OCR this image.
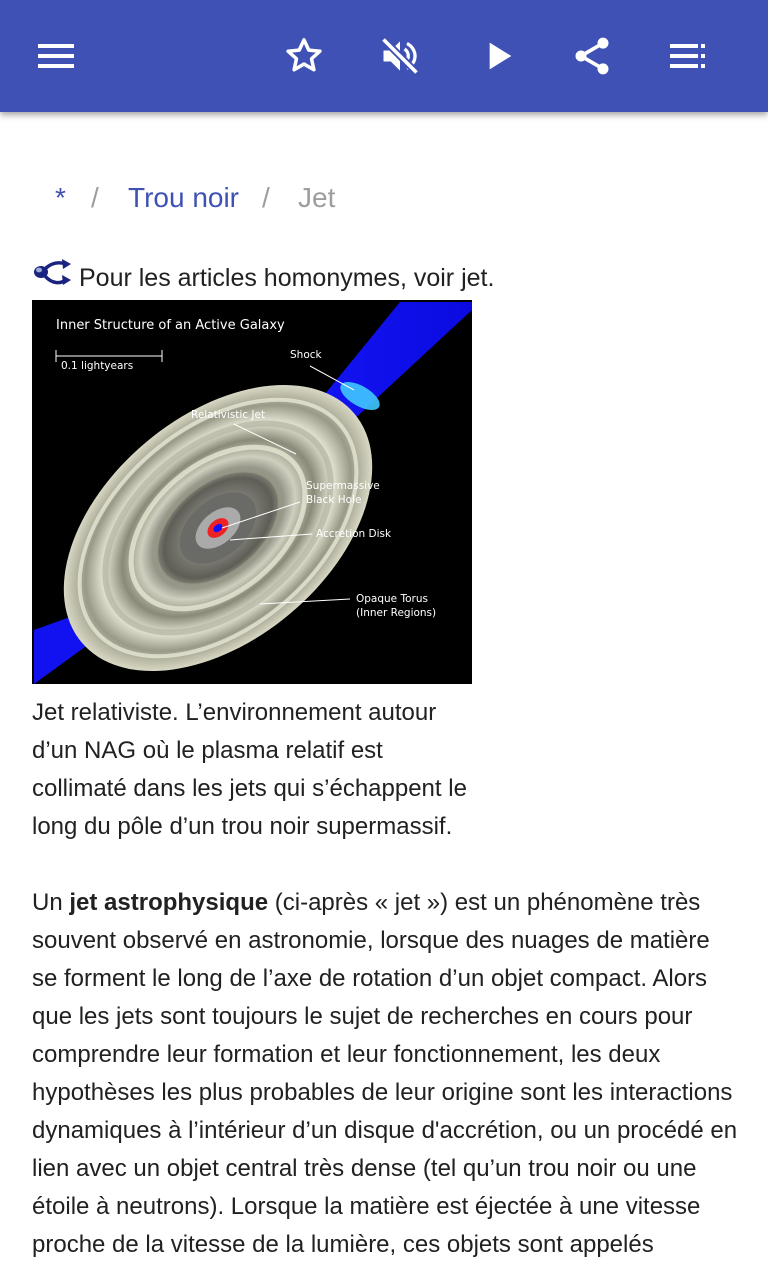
* / Trou noir / Jet
Pour les articles homonymes, voir jet.
Inner Structure of an Active Galaxy
0.1 lightyears
Shock
Relativistic Jet
Supermassive
Black Hole
Accretion Disk
Opaque Torus
(Inner Regions)
Jet relativiste. L’environnement autour d’un NAG où le plasma relatif est collimaté dans les jets qui s’échappent le long du pôle d’un trou noir supermassif.
Un jet astrophysique (ci-après « jet ») est un phénomène très souvent observé en astronomie, lorsque des nuages de matière se forment le long de l’axe de rotation d’un objet compact. Alors que les jets sont toujours le sujet de recherches en cours pour comprendre leur formation et leur fonctionnement, les deux hypothèses les plus probables de leur origine sont les interactions dynamiques à l’intérieur d’un disque d'accrétion, ou un procédé en lien avec un objet central très dense (tel qu’un trou noir ou une étoile à neutrons). Lorsque la matière est éjectée à une vitesse proche de la vitesse de la lumière, ces objets sont appelés
